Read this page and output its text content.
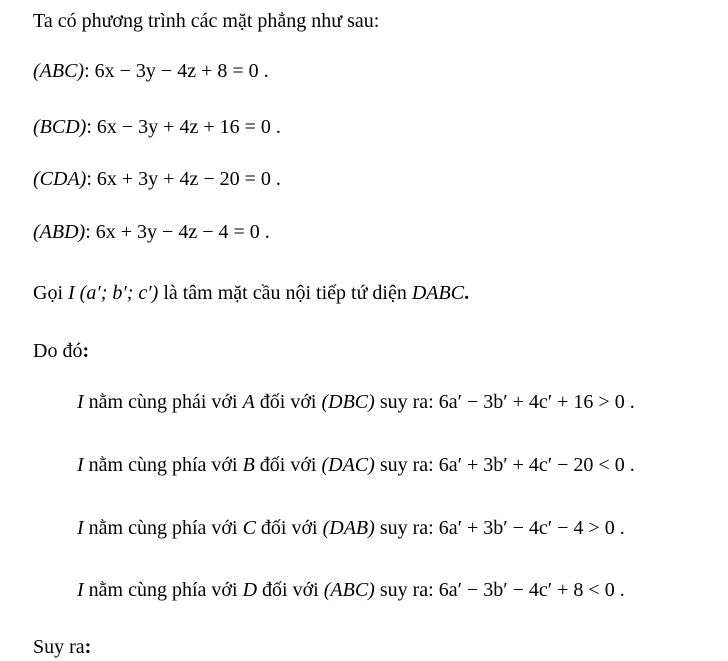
Ta có phương trình các mặt phẳng như sau:
(ABC): 6x − 3y − 4z + 8 = 0 .
(BCD): 6x − 3y + 4z + 16 = 0 .
(CDA): 6x + 3y + 4z − 20 = 0 .
(ABD): 6x + 3y − 4z − 4 = 0 .
Gọi I (a′; b′; c′) là tâm mặt cầu nội tiếp tứ diện DABC.
Do đó:
I nằm cùng phái với A đối với (DBC) suy ra: 6a′ − 3b′ + 4c′ + 16 > 0 .
I nằm cùng phía với B đối với (DAC) suy ra: 6a′ + 3b′ + 4c′ − 20 < 0 .
I nằm cùng phía với C đối với (DAB) suy ra: 6a′ + 3b′ − 4c′ − 4 > 0 .
I nằm cùng phía với D đối với (ABC) suy ra: 6a′ − 3b′ − 4c′ + 8 < 0 .
Suy ra:
